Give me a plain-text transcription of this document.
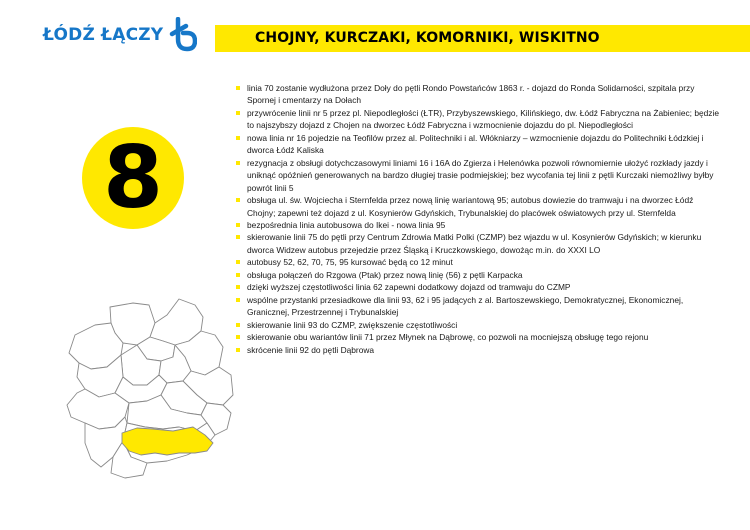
ŁÓDŹ ŁĄCZY	CHOJNY, KURCZAKI, KOMORNIKI, WISKITNO
8
linia 70 zostanie wydłużona przez Doły do pętli Rondo Powstańców 1863 r. - dojazd do Ronda Solidarności, szpitala przy Spornej i cmentarzy na Dołach
przywrócenie linii nr 5 przez pl. Niepodległości (ŁTR), Przybyszewskiego, Kilińskiego, dw. Łódź Fabryczna na Żabieniec; będzie to najszybszy dojazd z Chojen na dworzec Łódź Fabryczna i wzmocnienie dojazdu do pl. Niepodległości
nowa linia nr 16 pojedzie na Teofilów przez al. Politechniki i al. Włókniarzy – wzmocnienie dojazdu do Politechniki Łódzkiej i dworca Łódź Kaliska
rezygnacja z obsługi dotychczasowymi liniami 16 i 16A do Zgierza i Helenówka pozwoli równomiernie ułożyć rozkłady jazdy i uniknąć opóźnień generowanych na bardzo długiej trasie podmiejskiej; bez wycofania tej linii z pętli Kurczaki niemożliwy byłby powrót linii 5
obsługa ul. św. Wojciecha i Sternfelda przez nową linię wariantową 95; autobus dowiezie do tramwaju i na dworzec Łódź Chojny; zapewni też dojazd z ul. Kosynierów Gdyńskich, Trybunalskiej do placówek oświatowych przy ul. Sternfelda
bezpośrednia linia autobusowa do Ikei - nowa linia 95
skierowanie linii 75 do pętli przy Centrum Zdrowia Matki Polki (CZMP) bez wjazdu w ul. Kosynierów Gdyńskich; w kierunku dworca Widzew autobus przejedzie przez Śląską i Kruczkowskiego, dowożąc m.in. do XXXI LO
autobusy 52, 62, 70, 75, 95 kursować będą co 12 minut
obsługa połączeń do Rzgowa (Ptak) przez nową linię (56) z pętli Karpacka
dzięki wyższej częstotliwości linia 62 zapewni dodatkowy dojazd od tramwaju do CZMP
wspólne przystanki przesiadkowe dla linii 93, 62 i 95 jadących z al. Bartoszewskiego, Demokratycznej, Ekonomicznej, Granicznej, Przestrzennej i Trybunalskiej
skierowanie linii 93 do CZMP, zwiększenie częstotliwości
skierowanie obu wariantów linii 71 przez Młynek na Dąbrowę, co pozwoli na mocniejszą obsługę tego rejonu
skrócenie linii 92 do pętli Dąbrowa
